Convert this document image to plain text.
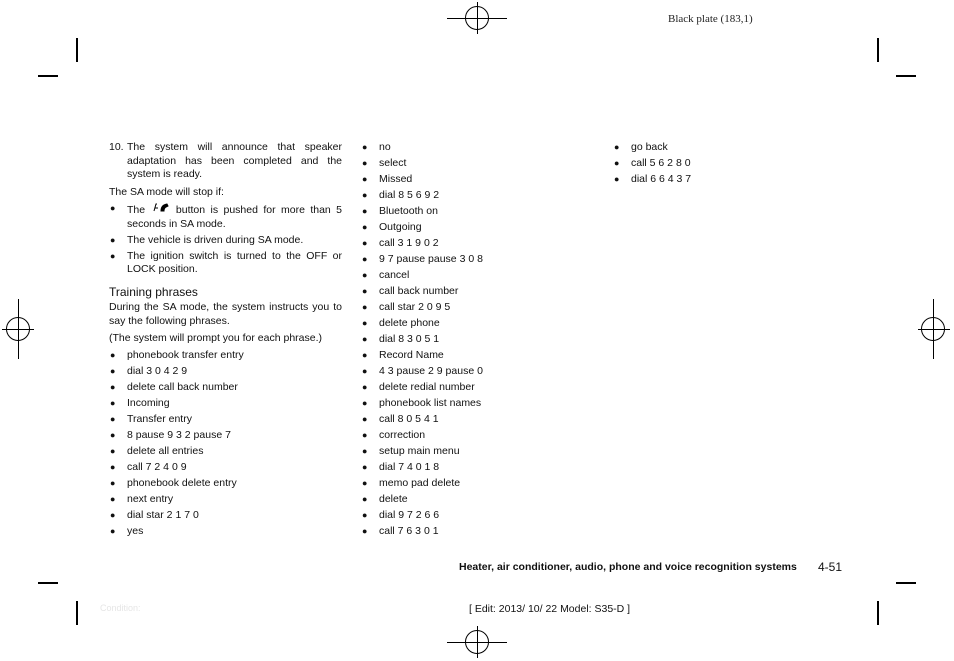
Black plate (183,1)
10. The system will announce that speaker adaptation has been completed and the system is ready.

The SA mode will stop if:

● The	button is pushed for more than 5 seconds in SA mode.
● The vehicle is driven during SA mode.
● The ignition switch is turned to the OFF or LOCK position.
Training phrases

During the SA mode, the system instructs you to say the following phrases.

(The system will prompt you for each phrase.)

● phonebook transfer entry
● dial 3 0 4 2 9
● delete call back number
● Incoming
● Transfer entry
● 8 pause 9 3 2 pause 7
● delete all entries
● call 7 2 4 0 9
● phonebook delete entry
● next entry
● dial star 2 1 7 0
● yes
● no
● select
● Missed
● dial 8 5 6 9 2
● Bluetooth on
● Outgoing
● call 3 1 9 0 2
● 9 7 pause pause 3 0 8
● cancel
● call back number
● call star 2 0 9 5
● delete phone
● dial 8 3 0 5 1
● Record Name
● 4 3 pause 2 9 pause 0
● delete redial number
● phonebook list names
● call 8 0 5 4 1
● correction
● setup main menu
● dial 7 4 0 1 8
● memo pad delete
● delete
● dial 9 7 2 6 6
● call 7 6 3 0 1
● go back
● call 5 6 2 8 0
● dial 6 6 4 3 7
Heater, air conditioner, audio, phone and voice recognition systems 4-51
[ Edit: 2013/ 10/ 22 Model: S35-D ]
Condition:
